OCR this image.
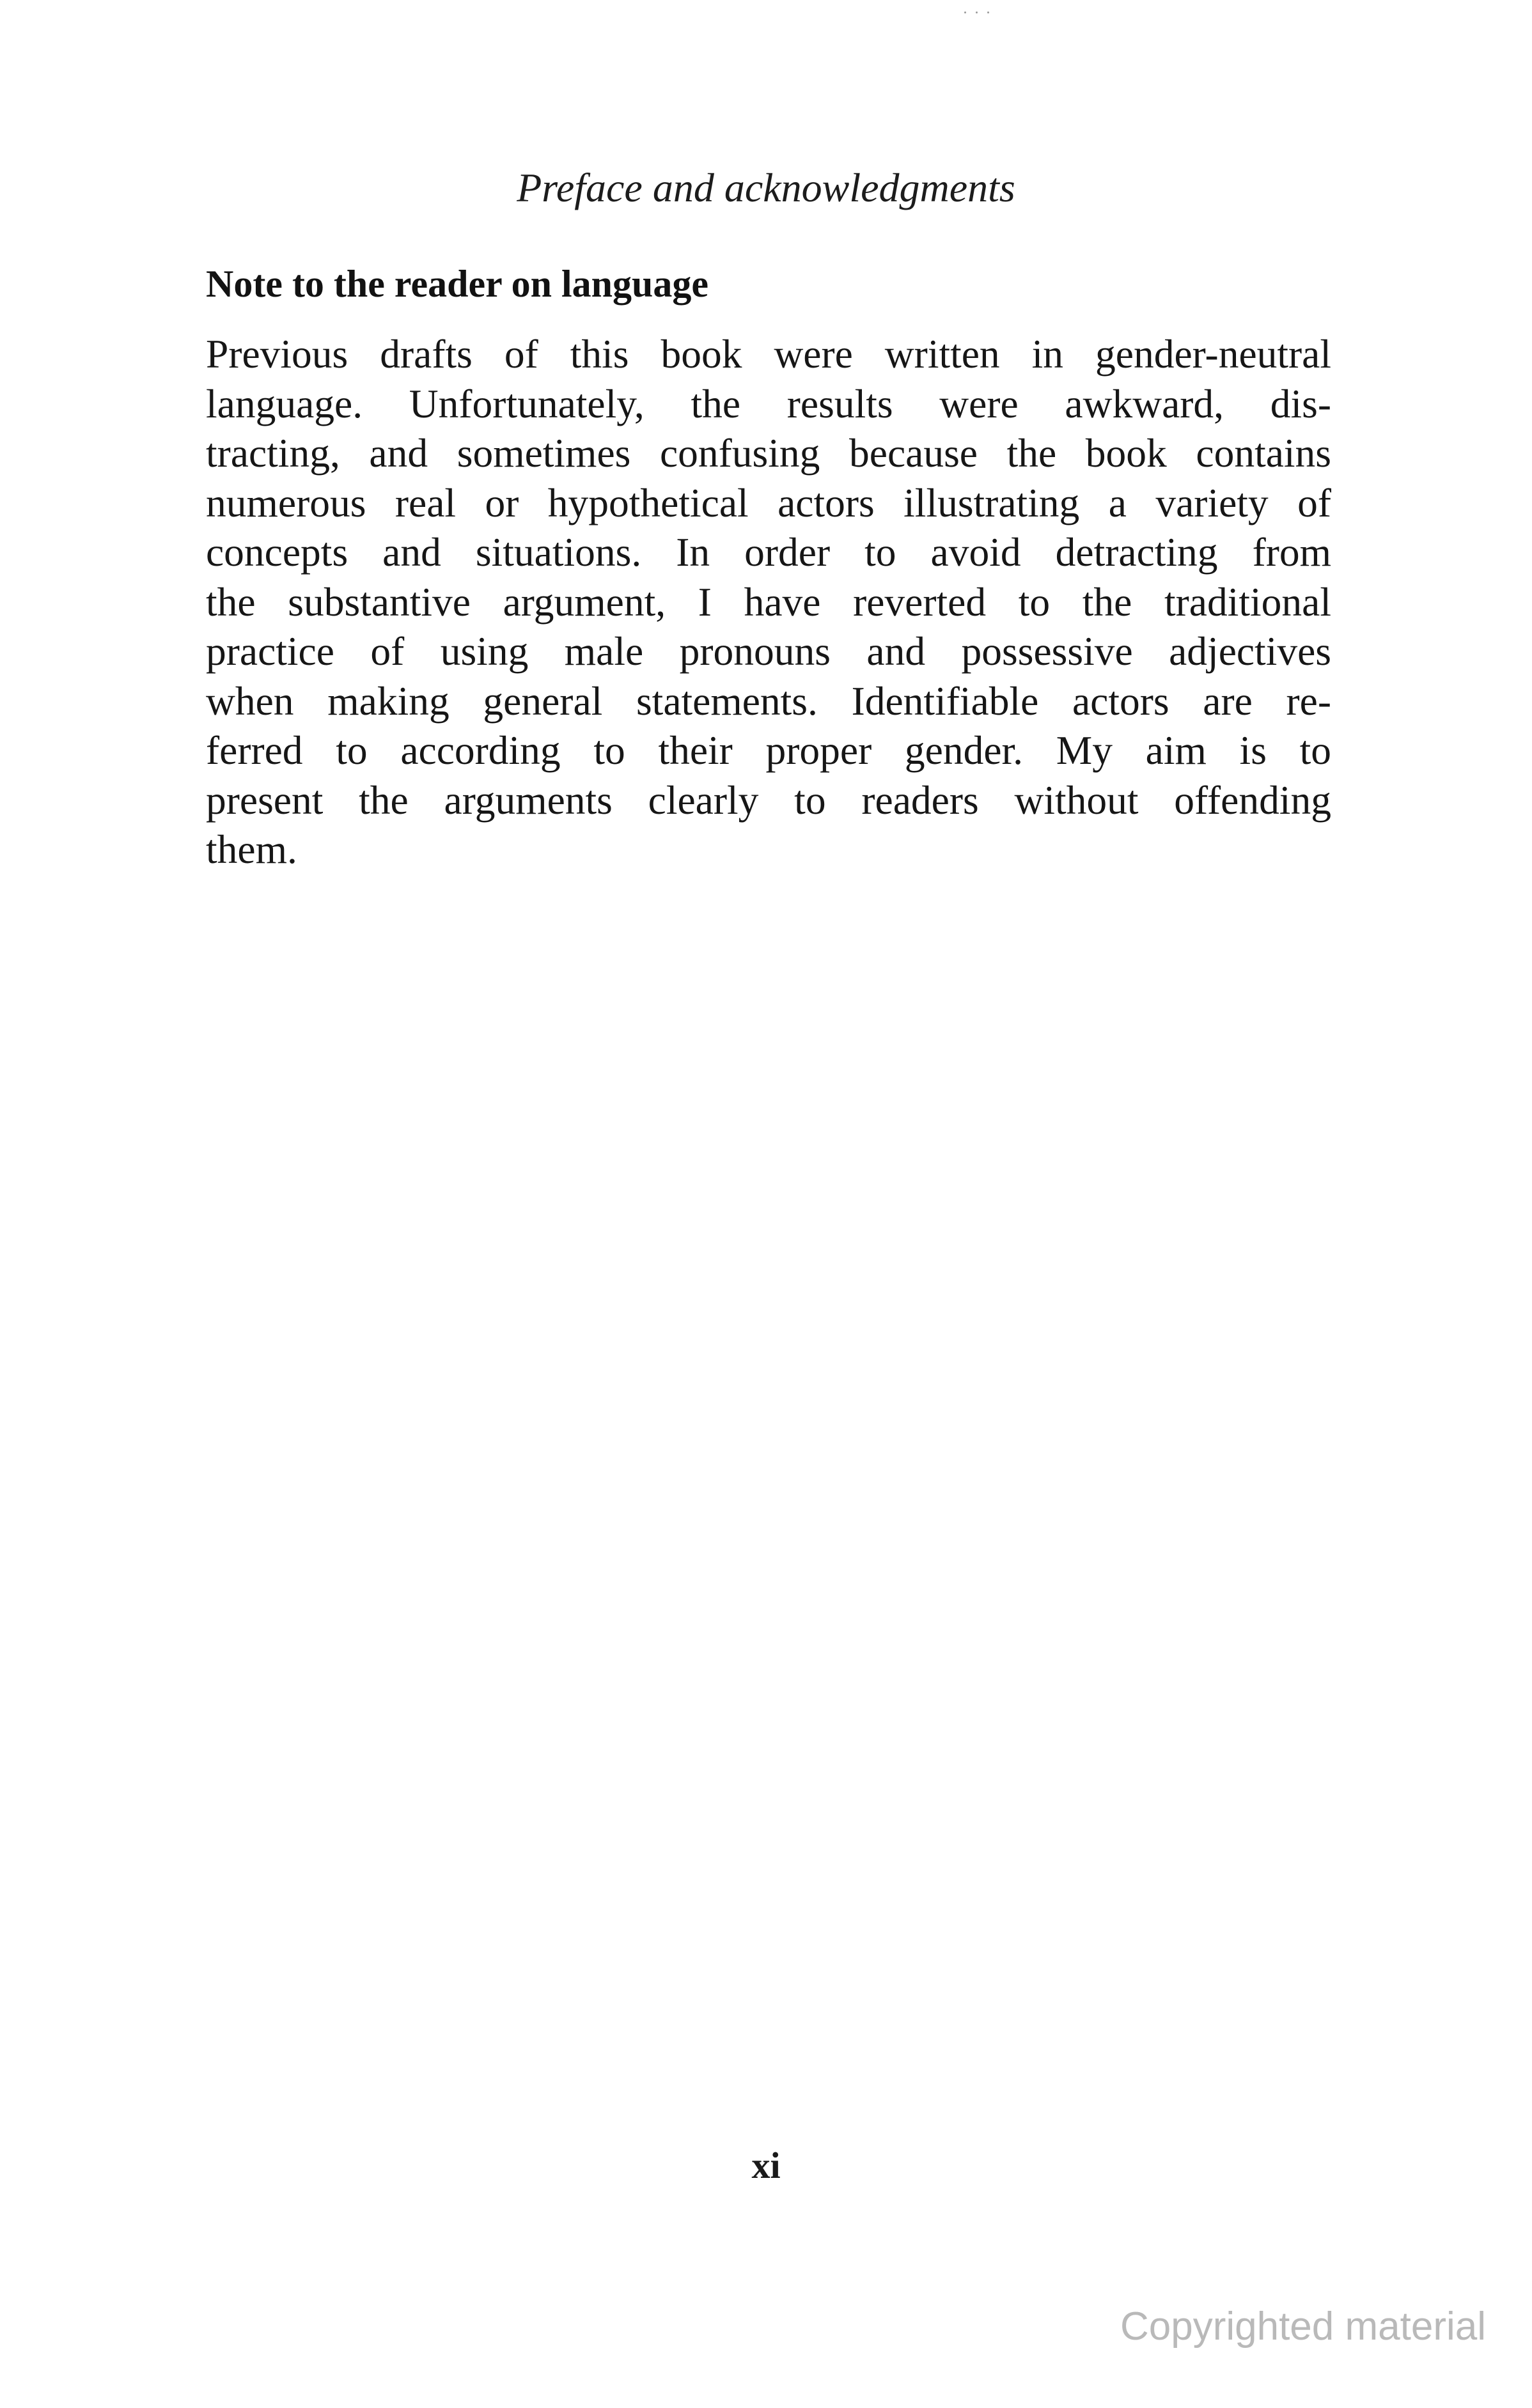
Preface and acknowledgments
Note to the reader on language
Previous drafts of this book were written in gender-neutral
language. Unfortunately, the results were awkward, dis-
tracting, and sometimes confusing because the book contains
numerous real or hypothetical actors illustrating a variety of
concepts and situations. In order to avoid detracting from
the substantive argument, I have reverted to the traditional
practice of using male pronouns and possessive adjectives
when making general statements. Identifiable actors are re-
ferred to according to their proper gender. My aim is to
present the arguments clearly to readers without offending
them.
xi
Copyrighted material
